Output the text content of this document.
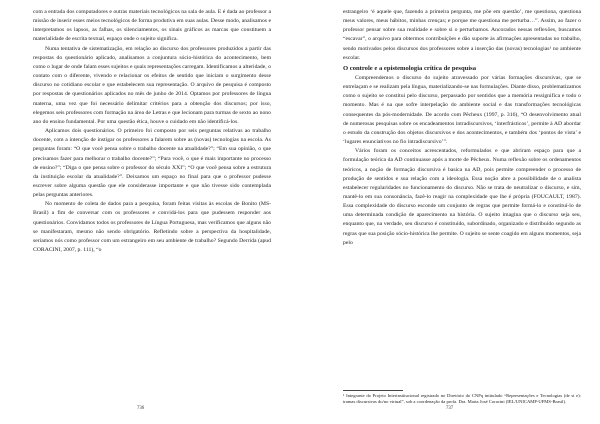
com a entrada dos computadores e outras materiais tecnológicos na sala de aula. E é dada ao professor a missão de inserir esses meios tecnológicos de forma produtiva em suas aulas. Desse modo, analisamos e interpretamos os lapsos, as falhas, os silenciamentos, os sinais gráficos as marcas que constituem a materialidade de escrita textual, espaço onde o sujeito significa.

Numa tentativa de sistematização, em relação ao discurso dos professores produzidos a partir das respostas do questionário aplicado, analisamos a conjuntura sócio-histórica do acontecimento, bem como o lugar de onde falam esses sujeitos e quais representações carregam. Identificamos a alteridade, o contato com o diferente, vivendo e relacionar os efeitos de sentido que iniciam o surgimento desse discurso no cotidiano escolar e que estabelecem sua representação. O arquivo de pesquisa é composto por respostas de questionários aplicados no mês de junho de 2014. Optamos por professores de língua materna, uma vez que foi necessário delimitar critérios para a obtenção dos discursos; por isso, elegemos seis professores com formação na área de Letras e que lecionam para turmas de sexto ao nono ano do ensino fundamental. Por uma questão ética, houve o cuidado em não identificá-los.

Aplicamos dois questionários. O primeiro foi composto por seis perguntas relativas ao trabalho docente, com a intenção de instigar os professores a falarem sobre as (novas) tecnologias na escola. As perguntas foram: “O que você pensa sobre o trabalho docente na atualidade?”; “Em sua opinião, o que precisamos fazer para melhorar o trabalho docente?”; “Para você, o que é mais importante no processo de ensino?”; “Diga o que pensa sobre o professor do século XXI”; “O que você pensa sobre a estrutura da instituição escolar da atualidade?”. Deixamos um espaço no final para que o professor pudesse escrever sobre alguma questão que ele considerasse importante e que não tivesse sido contemplada pelas perguntas anteriores.

No momento de coleta de dados para a pesquisa, foram feitas visitas às escolas de Bonito (MS-Brasil) a fim de conversar com os professores e convidá-los para que pudessem responder aos questionários. Convidamos todos os professores de Língua Portuguesa, mas verificamos que alguns não se manifestaram, mesmo não sendo obrigatório. Refletindo sobre a perspectiva da hospitalidade, seríamos nós como professor com um estrangeiro em seu ambiente de trabalho? Segundo Derrida (apud CORACINI, 2007, p. 111), “o

736

estrangeiro ‘é aquele que, fazendo a primeira pergunta, me põe em questão’, me questiona, questiona meus valores, meus hábitos, minhas crenças; e porque me questiona me perturba…”. Assim, ao fazer o professor pensar sobre sua realidade e sobre si o perturbamos. Ancorados nessas reflexões, buscamos “escavar”, o arquivo para obtermos contribuições e dão suporte às afirmações apresentadas no trabalho, sendo motivados pelos discursos dos professores sobre a inserção das (novas) tecnologias¹ no ambiente escolar.

O controle e a epistemologia crítica de pesquisa

Compreendemos o discurso do sujeito atravessado por várias formações discursivas, que se entrelaçam e se realizam pela língua, materializando-se nas formulações. Diante disso, problematizamos como o sujeito se constitui pelo discurso, perpassado por sentidos que a memória ressignifica e todo o momento. Mas é na que sofre interpelação do ambiente social e das transformações tecnológicas consequentes da pós-modernidade. De acordo com Pêcheux (1997, p. 316), “O desenvolvimento atual de numerosas pesquisas sobre os encadeamentos intradiscursivos, ‘interfrásticos’, permite à AD abordar o estudo da construção dos objetos discursivos e dos acontecimentos, e também dos ‘pontos de vista’ e ‘lugares enunciativos no fio intradiscursivo’”.

Vários foram os conceitos acrescentados, reformulados e que abriram espaço para que a formulação teórica da AD continuasse após a morte de Pêcheux. Numa reflexão sobre os ordenamentos teóricos, a noção de formação discursiva é basica na AD, pois permite compreender o processo de produção de sentidos e sua relação com a ideologia. Essa noção abre a possibilidade de o analista estabelecer regularidades no funcionamento do discurso. Não se trata de neutralizar o discurso, e sim, mantê-lo em sua consonância, fazê-lo reagir na complexidade que lhe é própria (FOUCAULT, 1987). Essa complexidade do discurso esconde um conjunto de regras que permite formá-lo e constituí-lo de uma determinada condição de aparecimento na história. O sujeito imagina que o discurso seja seu, enquanto que, na verdade, seu discurso é constituído, subordinado, organizado e distribuído segundo as regras que sua posição sócio-histórica lhe permite. O sujeito se sente coagido em alguns momentos, seja pelo

¹ Integrante do Projeto Interinstitucional registrado no Diretório do CNPq intitulado “Representações e Tecnologias (de si e): tramas discursivas do/no virtual”, sob a coordenação da profa. Dra. Maria José Coracini (IEL/UNICAMP-UFMS-Brasil).
737
